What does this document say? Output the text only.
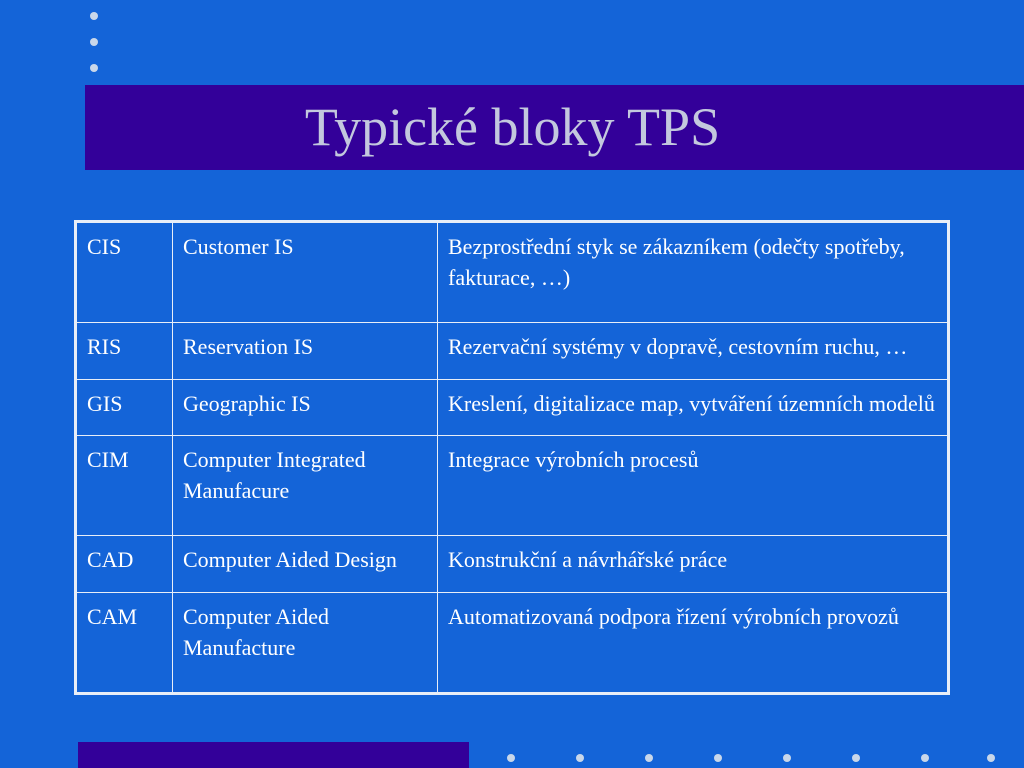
Typické bloky TPS
CIS	Customer IS	Bezprostřední styk se zákazníkem (odečty spotřeby, fakturace, …)
RIS	Reservation IS	Rezervační systémy v dopravě, cestovním ruchu, …
GIS	Geographic IS	Kreslení, digitalizace map, vytváření územních modelů
CIM	Computer Integrated Manufacure	Integrace výrobních procesů
CAD	Computer Aided Design	Konstrukční a návrhářské práce
CAM	Computer Aided Manufacture	Automatizovaná podpora řízení výrobních provozů
